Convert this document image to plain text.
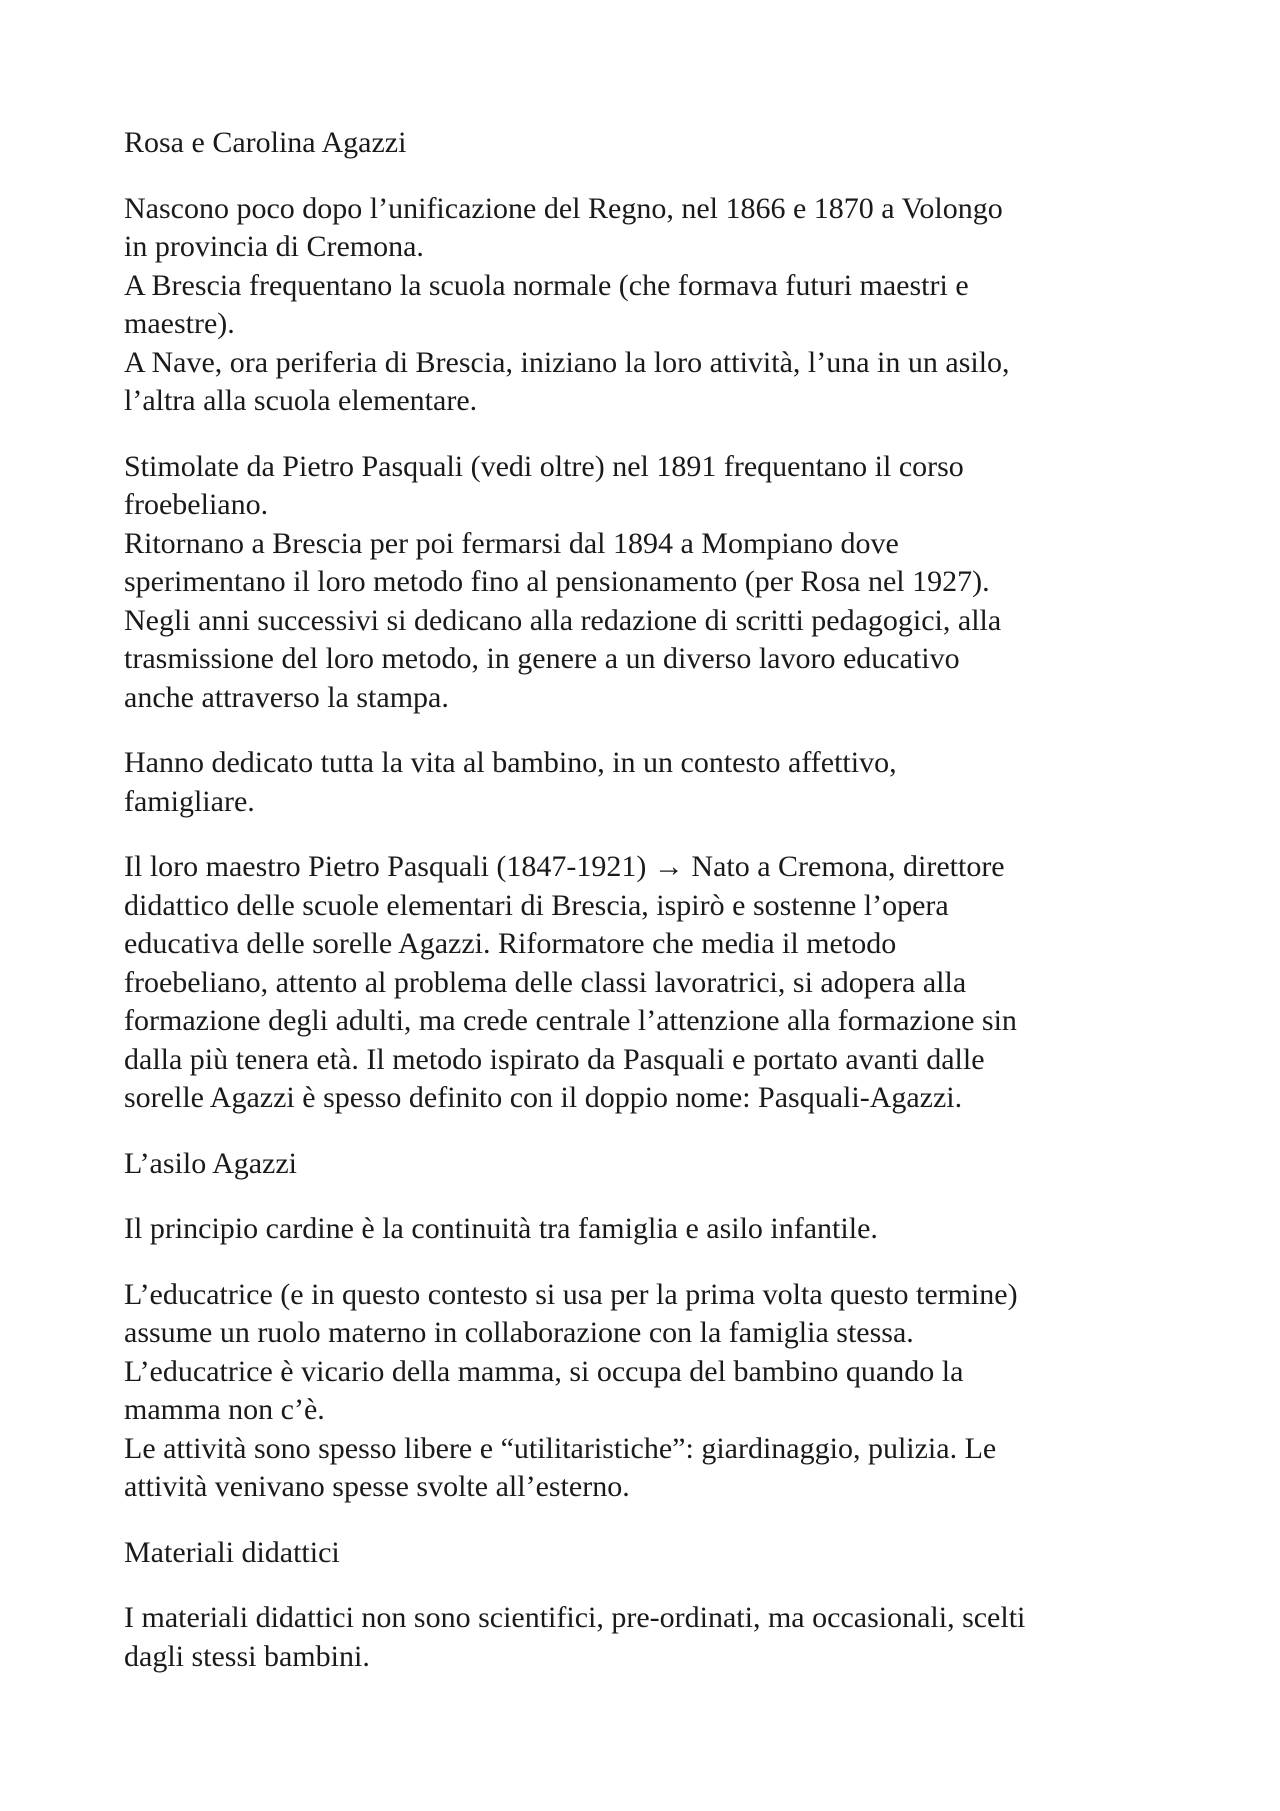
Rosa e Carolina Agazzi
Nascono poco dopo l’unificazione del Regno, nel 1866 e 1870 a Volongo
in provincia di Cremona.
A Brescia frequentano la scuola normale (che formava futuri maestri e
maestre).
A Nave, ora periferia di Brescia, iniziano la loro attività, l’una in un asilo,
l’altra alla scuola elementare.
Stimolate da Pietro Pasquali (vedi oltre) nel 1891 frequentano il corso
froebeliano.
Ritornano a Brescia per poi fermarsi dal 1894 a Mompiano dove
sperimentano il loro metodo fino al pensionamento (per Rosa nel 1927).
Negli anni successivi si dedicano alla redazione di scritti pedagogici, alla
trasmissione del loro metodo, in genere a un diverso lavoro educativo
anche attraverso la stampa.
Hanno dedicato tutta la vita al bambino, in un contesto affettivo,
famigliare.
Il loro maestro Pietro Pasquali (1847-1921) → Nato a Cremona, direttore
didattico delle scuole elementari di Brescia, ispirò e sostenne l’opera
educativa delle sorelle Agazzi. Riformatore che media il metodo
froebeliano, attento al problema delle classi lavoratrici, si adopera alla
formazione degli adulti, ma crede centrale l’attenzione alla formazione sin
dalla più tenera età. Il metodo ispirato da Pasquali e portato avanti dalle
sorelle Agazzi è spesso definito con il doppio nome: Pasquali-Agazzi.
L’asilo Agazzi
Il principio cardine è la continuità tra famiglia e asilo infantile.
L’educatrice (e in questo contesto si usa per la prima volta questo termine)
assume un ruolo materno in collaborazione con la famiglia stessa.
L’educatrice è vicario della mamma, si occupa del bambino quando la
mamma non c’è.
Le attività sono spesso libere e “utilitaristiche”: giardinaggio, pulizia. Le
attività venivano spesse svolte all’esterno.
Materiali didattici
I materiali didattici non sono scientifici, pre-ordinati, ma occasionali, scelti
dagli stessi bambini.
